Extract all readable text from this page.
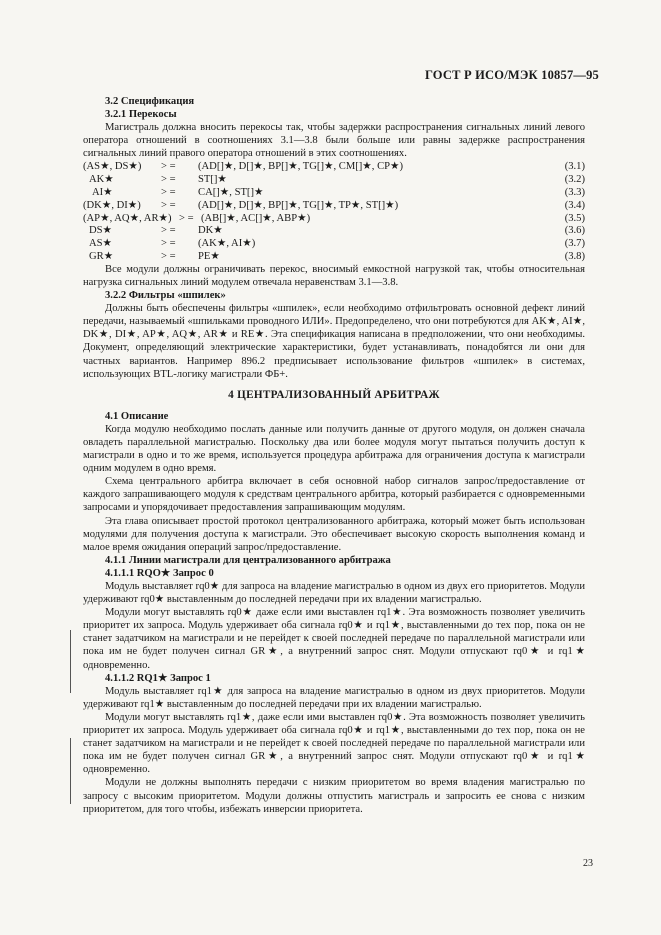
ГОСТ Р ИСО/МЭК 10857—95

3.2 Спецификация

3.2.1 Перекосы

Магистраль должна вносить перекосы так, чтобы задержки распространения сигнальных линий левого оператора отношений в соотношениях 3.1—3.8 были больше или равны задержке распространения сигнальных линий правого оператора отношений в этих соотношениях.

(AS★, DS★)	> =	(AD[]★, D[]★, BP[]★, TG[]★, CM[]★, CP★)	(3.1)
AK★	> =	ST[]★	(3.2)
AI★	> =	CA[]★, ST[]★	(3.3)
(DK★, DI★)	> =	(AD[]★, D[]★, BP[]★, TG[]★, TP★, ST[]★)	(3.4)
(AP★, AQ★, AR★) > = (AB[]★, AC[]★, ABP★)	(3.5)
DS★	> =	DK★	(3.6)
AS★	> =	(AK★, AI★)	(3.7)
GR★	> =	PE★	(3.8)

Все модули должны ограничивать перекос, вносимый емкостной нагрузкой так, чтобы относительная нагрузка сигнальных линий модулем отвечала неравенствам 3.1—3.8.

3.2.2 Фильтры «шпилек»

Должны быть обеспечены фильтры «шпилек», если необходимо отфильтровать основной дефект линий передачи, называемый «шпильками проводного ИЛИ». Предопределено, что они потребуются для AK★, AI★, DK★, DI★, AP★, AQ★, AR★ и RE★. Эта спецификация написана в предположении, что они необходимы. Документ, определяющий электрические характеристики, будет устанавливать, понадобятся ли они для частных вариантов. Например 896.2 предписывает использование фильтров «шпилек» в системах, использующих BTL-логику магистрали ФБ+.

4 ЦЕНТРАЛИЗОВАННЫЙ АРБИТРАЖ

4.1 Описание

Когда модулю необходимо послать данные или получить данные от другого модуля, он должен сначала овладеть параллельной магистралью. Поскольку два или более модуля могут пытаться получить доступ к магистрали в одно и то же время, используется процедура арбитража для ограничения доступа к магистрали одним модулем в одно время.

Схема центрального арбитра включает в себя основной набор сигналов запрос/предоставление от каждого запрашивающего модуля к средствам центрального арбитра, который разбирается с одновременными запросами и упорядочивает предоставления запрашивающим модулям.

Эта глава описывает простой протокол централизованного арбитража, который может быть использован модулями для получения доступа к магистрали. Это обеспечивает высокую скорость выполнения команд и малое время ожидания операций запрос/предоставление.

4.1.1 Линии магистрали для централизованного арбитража

4.1.1.1 RQO★ Запрос 0

Модуль выставляет rq0★ для запроса на владение магистралью в одном из двух его приоритетов. Модули удерживают rq0★ выставленным до последней передачи при их владении магистралью.

Модули могут выставлять rq0★ даже если ими выставлен rq1★. Эта возможность позволяет увеличить приоритет их запроса. Модуль удерживает оба сигнала rq0★ и rq1★, выставленными до тех пор, пока он не станет задатчиком на магистрали и не перейдет к своей последней передаче по параллельной магистрали или пока им не будет получен сигнал GR★, а внутренний запрос снят. Модули отпускают rq0★ и rq1★ одновременно.

4.1.1.2 RQ1★ Запрос 1

Модуль выставляет rq1★ для запроса на владение магистралью в одном из двух приоритетов. Модули удерживают rq1★ выставленным до последней передачи при их владении магистралью.

Модули могут выставлять rq1★, даже если ими выставлен rq0★. Эта возможность позволяет увеличить приоритет их запроса. Модуль удерживает оба сигнала rq0★ и rq1★, выставленными до тех пор, пока он не станет задатчиком на магистрали и не перейдет к своей последней передаче по параллельной магистрали или пока им не будет получен сигнал GR★, а внутренний запрос снят. Модули отпускают rq0★ и rq1★ одновременно.

Модули не должны выполнять передачи с низким приоритетом во время владения магистралью по запросу с высоким приоритетом. Модули должны отпустить магистраль и запросить ее снова с низким приоритетом, для того чтобы, избежать инверсии приоритета.

23
